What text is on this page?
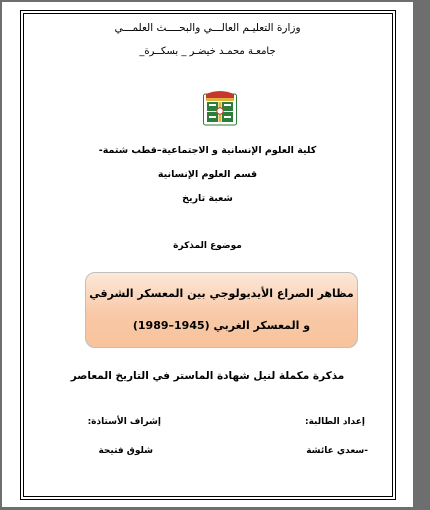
وزارة التعليـم العالـــي والبحــــث العلمـــي
جامعـة محمـد خيضـر _ بسكــرة_
كلية العلوم الإنسانية و الاجتماعية–قطب شتمة-
قسم العلوم الإنسانية
شعبة تاريخ
موضوع المذكرة
مظاهر الصراع الأيديولوجي بين المعسكر الشرقي
و المعسكر الغربي (1945–1989)
مذكرة مكملة لنيل شهادة الماستر في التاريخ المعاصر
إعداد الطالبة:
إشراف الأستاذة:
-سعدي عائشة
شلوق فتيحة
